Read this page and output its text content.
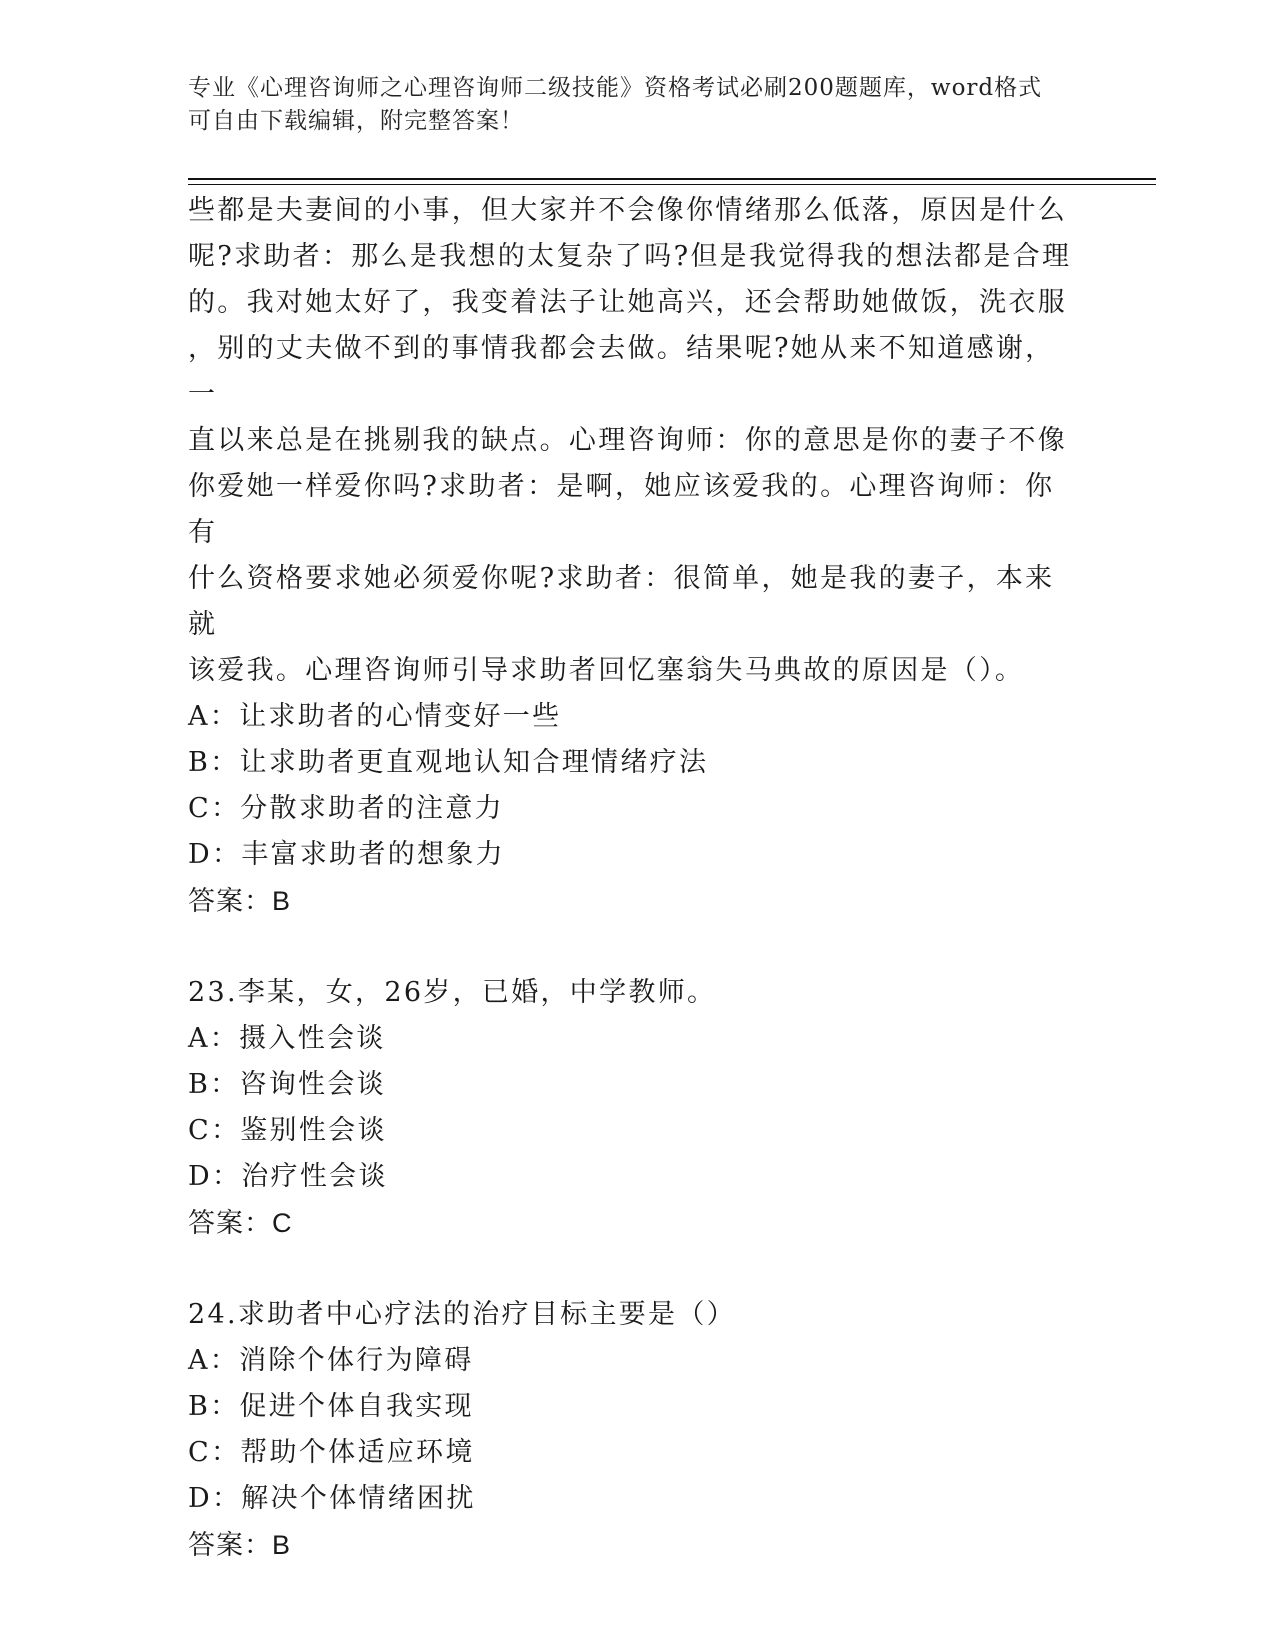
专业《心理咨询师之心理咨询师二级技能》资格考试必刷200题题库，word格式
可自由下载编辑，附完整答案！

些都是夫妻间的小事，但大家并不会像你情绪那么低落，原因是什么

呢?求助者：那么是我想的太复杂了吗?但是我觉得我的想法都是合理

的。我对她太好了，我变着法子让她高兴，还会帮助她做饭，洗衣服

，别的丈夫做不到的事情我都会去做。结果呢?她从来不知道感谢，一

直以来总是在挑剔我的缺点。心理咨询师：你的意思是你的妻子不像

你爱她一样爱你吗?求助者：是啊，她应该爱我的。心理咨询师：你有

什么资格要求她必须爱你呢?求助者：很简单，她是我的妻子，本来就

该爱我。心理咨询师引导求助者回忆塞翁失马典故的原因是（）。

A：让求助者的心情变好一些

B：让求助者更直观地认知合理情绪疗法

C：分散求助者的注意力

D：丰富求助者的想象力

答案：B

23.李某，女，26岁，已婚，中学教师。

A：摄入性会谈

B：咨询性会谈

C：鉴别性会谈

D：治疗性会谈

答案：C

24.求助者中心疗法的治疗目标主要是（）

A：消除个体行为障碍

B：促进个体自我实现

C：帮助个体适应环境

D：解决个体情绪困扰

答案：B
